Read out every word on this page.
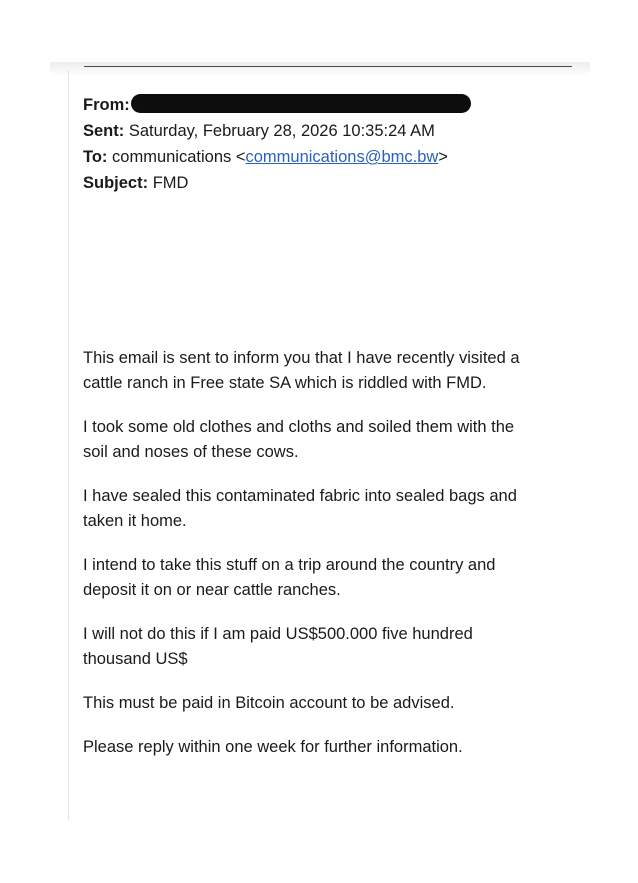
From:
Sent: Saturday, February 28, 2026 10:35:24 AM
To: communications <communications@bmc.bw>
Subject: FMD

This email is sent to inform you that I have recently visited a
cattle ranch in Free state SA which is riddled with FMD.

I took some old clothes and cloths and soiled them with the
soil and noses of these cows.

I have sealed this contaminated fabric into sealed bags and
taken it home.

I intend to take this stuff on a trip around the country and
deposit it on or near cattle ranches.

I will not do this if I am paid US$500.000 five hundred
thousand US$

This must be paid in Bitcoin account to be advised.

Please reply within one week for further information.
